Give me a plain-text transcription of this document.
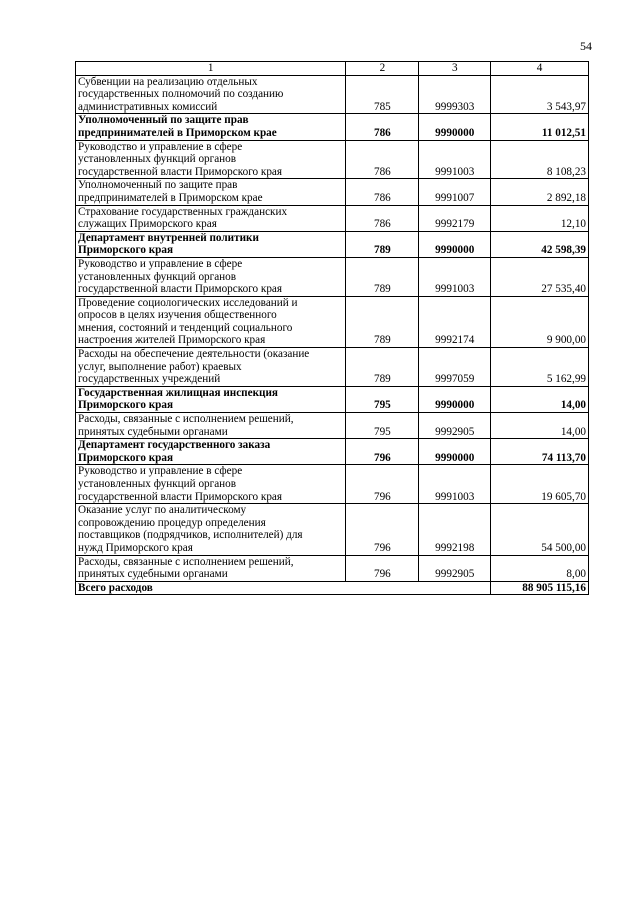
54
1	2	3	4

Субвенции на реализацию отдельных
государственных полномочий по созданию
административных комиссий	785	9999303	3 543,97

Уполномоченный по защите прав
предпринимателей в Приморском крае	786	9990000	11 012,51

Руководство и управление в сфере
установленных функций органов
государственной власти Приморского края	786	9991003	8 108,23

Уполномоченный по защите прав
предпринимателей в Приморском крае	786	9991007	2 892,18

Страхование государственных гражданских
служащих Приморского края	786	9992179	12,10

Департамент внутренней политики
Приморского края	789	9990000	42 598,39

Руководство и управление в сфере
установленных функций органов
государственной власти Приморского края	789	9991003	27 535,40

Проведение социологических исследований и
опросов в целях изучения общественного
мнения, состояний и тенденций социального
настроения жителей Приморского края	789	9992174	9 900,00

Расходы на обеспечение деятельности (оказание
услуг, выполнение работ) краевых
государственных учреждений	789	9997059	5 162,99

Государственная жилищная инспекция
Приморского края	795	9990000	14,00

Расходы, связанные с исполнением решений,
принятых судебными органами	795	9992905	14,00

Департамент государственного заказа
Приморского края	796	9990000	74 113,70

Руководство и управление в сфере
установленных функций органов
государственной власти Приморского края	796	9991003	19 605,70

Оказание услуг по аналитическому
сопровождению процедур определения
поставщиков (подрядчиков, исполнителей) для
нужд Приморского края	796	9992198	54 500,00

Расходы, связанные с исполнением решений,
принятых судебными органами	796	9992905	8,00
Всего расходов			88 905 115,16
